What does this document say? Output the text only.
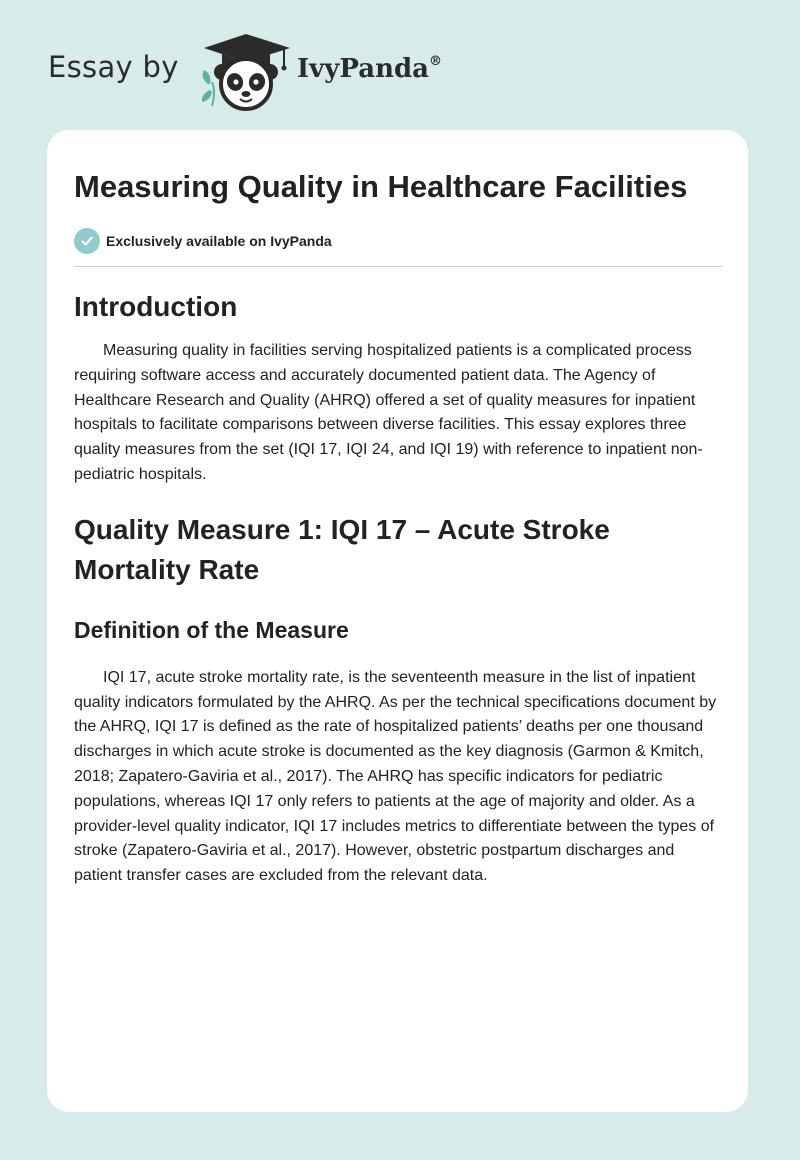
Essay by	IvyPanda®
Measuring Quality in Healthcare Facilities
Exclusively available on IvyPanda
Introduction

Measuring quality in facilities serving hospitalized patients is a complicated process requiring software access and accurately documented patient data. The Agency of Healthcare Research and Quality (AHRQ) offered a set of quality measures for inpatient hospitals to facilitate comparisons between diverse facilities. This essay explores three quality measures from the set (IQI 17, IQI 24, and IQI 19) with reference to inpatient non-pediatric hospitals.

Quality Measure 1: IQI 17 – Acute Stroke Mortality Rate
Definition of the Measure

IQI 17, acute stroke mortality rate, is the seventeenth measure in the list of inpatient quality indicators formulated by the AHRQ. As per the technical specifications document by the AHRQ, IQI 17 is defined as the rate of hospitalized patients’ deaths per one thousand discharges in which acute stroke is documented as the key diagnosis (Garmon & Kmitch, 2018; Zapatero-Gaviria et al., 2017). The AHRQ has specific indicators for pediatric populations, whereas IQI 17 only refers to patients at the age of majority and older. As a provider-level quality indicator, IQI 17 includes metrics to differentiate between the types of stroke (Zapatero-Gaviria et al., 2017). However, obstetric postpartum discharges and patient transfer cases are excluded from the relevant data.
